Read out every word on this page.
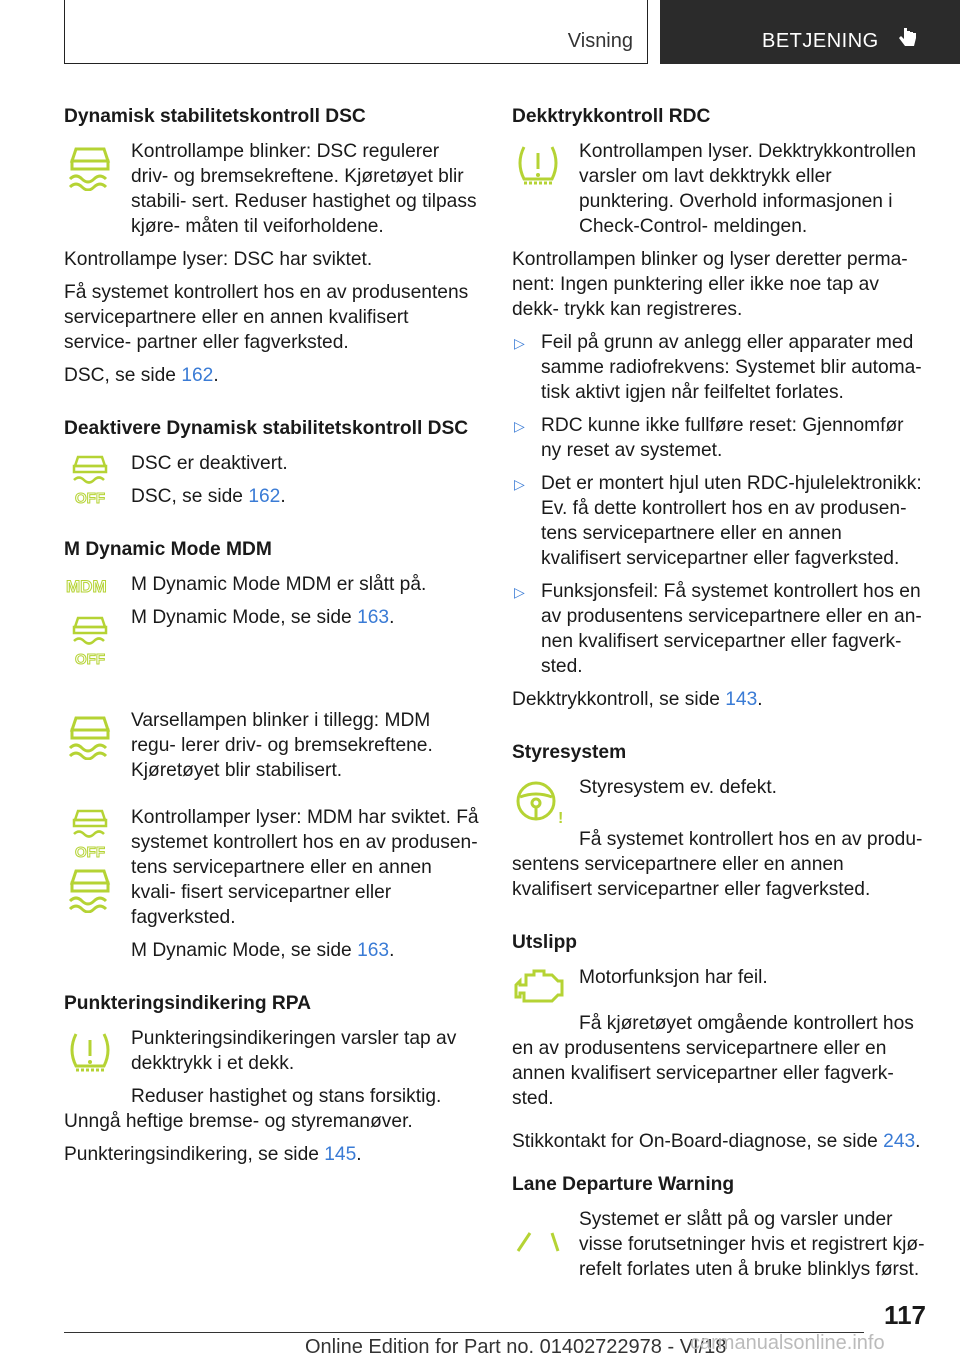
Visning	BETJENING
Dynamisk stabilitetskontroll DSC

Kontrollampe blinker: DSC regulerer driv- og bremsekreftene. Kjøretøyet blir stabili- sert. Reduser hastighet og tilpass kjøre- måten til veiforholdene.

Kontrollampe lyser: DSC har sviktet.

Få systemet kontrollert hos en av produsentens servicepartnere eller en annen kvalifisert service- partner eller fagverksted.

DSC, se side 162.

Deaktivere Dynamisk stabilitetskontroll DSC
OFF

DSC er deaktivert.

DSC, se side 162.

M Dynamic Mode MDM
MDM
OFF

M Dynamic Mode MDM er slått på.

M Dynamic Mode, se side 163.

Varsellampen blinker i tillegg: MDM regu- lerer driv- og bremsekreftene. Kjøretøyet blir stabilisert.

OFF

Kontrollamper lyser: MDM har sviktet. Få systemet kontrollert hos en av produsen- tens servicepartnere eller en annen kvali- fisert servicepartner eller fagverksted.

M Dynamic Mode, se side 163.

Punkteringsindikering RPA

Punkteringsindikeringen varsler tap av dekktrykk i et dekk.

Reduser hastighet og stans forsiktig. Unngå heftige bremse- og styremanøver.

Punkteringsindikering, se side 145.

Dekktrykkontroll RDC

Kontrollampen lyser. Dekktrykkontrollen varsler om lavt dekktrykk eller punktering. Overhold informasjonen i Check-Control- meldingen.

Kontrollampen blinker og lyser deretter perma- nent: Ingen punktering eller ikke noe tap av dekk- trykk kan registreres.

▷ Feil på grunn av anlegg eller apparater med samme radiofrekvens: Systemet blir automa- tisk aktivt igjen når feilfeltet forlates.
▷ RDC kunne ikke fullføre reset: Gjennomfør ny reset av systemet.
▷ Det er montert hjul uten RDC-hjulelektronikk: Ev. få dette kontrollert hos en av produsen- tens servicepartnere eller en annen kvalifisert servicepartner eller fagverksted.
▷ Funksjonsfeil: Få systemet kontrollert hos en av produsentens servicepartnere eller en an- nen kvalifisert servicepartner eller fagverk- sted.

Dekktrykkontroll, se side 143.

Styresystem
!

Styresystem ev. defekt.

Få systemet kontrollert hos en av produ- sentens servicepartnere eller en annen kvalifisert servicepartner eller fagverksted.

Utslipp

Motorfunksjon har feil.

Få kjøretøyet omgående kontrollert hos en av produsentens servicepartnere eller en annen kvalifisert servicepartner eller fagverk- sted.

Stikkontakt for On-Board-diagnose, se side 243.

Lane Departure Warning

Systemet er slått på og varsler under visse forutsetninger hvis et registrert kjø- refelt forlates uten å bruke blinklys først.

117
Online Edition for Part no. 01402722978 - VI/18
carmanualsonline.info
